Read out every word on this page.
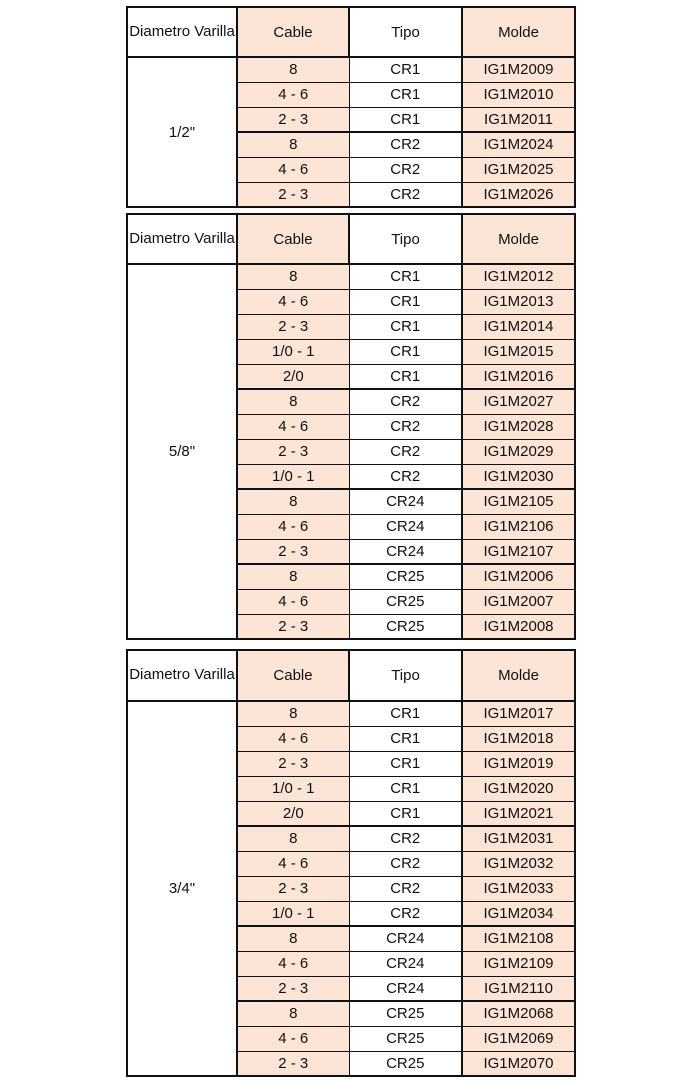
Diametro Varilla	Cable	Tipo	Molde
1/2"	8	CR1	IG1M2009
	4 - 6	CR1	IG1M2010
	2 - 3	CR1	IG1M2011
	8	CR2	IG1M2024
	4 - 6	CR2	IG1M2025
	2 - 3	CR2	IG1M2026
Diametro Varilla	Cable	Tipo	Molde
5/8"	8	CR1	IG1M2012
	4 - 6	CR1	IG1M2013
	2 - 3	CR1	IG1M2014
	1/0 - 1	CR1	IG1M2015
	2/0	CR1	IG1M2016
	8	CR2	IG1M2027
	4 - 6	CR2	IG1M2028
	2 - 3	CR2	IG1M2029
	1/0 - 1	CR2	IG1M2030
	8	CR24	IG1M2105
	4 - 6	CR24	IG1M2106
	2 - 3	CR24	IG1M2107
	8	CR25	IG1M2006
	4 - 6	CR25	IG1M2007
	2 - 3	CR25	IG1M2008
Diametro Varilla	Cable	Tipo	Molde
3/4"	8	CR1	IG1M2017
	4 - 6	CR1	IG1M2018
	2 - 3	CR1	IG1M2019
	1/0 - 1	CR1	IG1M2020
	2/0	CR1	IG1M2021
	8	CR2	IG1M2031
	4 - 6	CR2	IG1M2032
	2 - 3	CR2	IG1M2033
	1/0 - 1	CR2	IG1M2034
	8	CR24	IG1M2108
	4 - 6	CR24	IG1M2109
	2 - 3	CR24	IG1M2110
	8	CR25	IG1M2068
	4 - 6	CR25	IG1M2069
	2 - 3	CR25	IG1M2070
